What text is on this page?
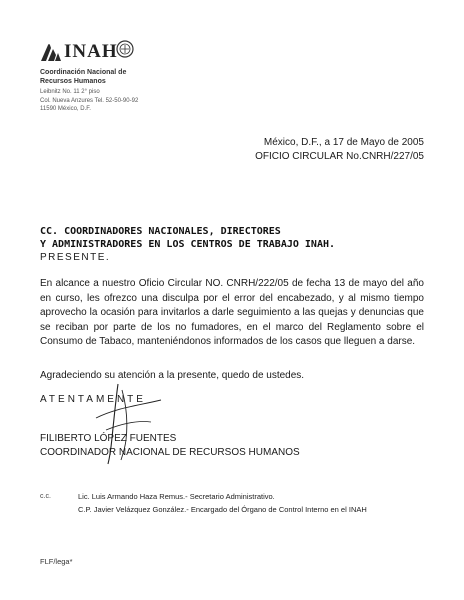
INAH
Coordinación Nacional de
Recursos Humanos
Leibnitz No. 11 2° piso
Col. Nueva Anzures Tel. 52-50-90-92
11590 México, D.F.
México, D.F., a 17 de Mayo de 2005
OFICIO CIRCULAR No.CNRH/227/05
CC. COORDINADORES NACIONALES, DIRECTORES
Y ADMINISTRADORES EN LOS CENTROS DE TRABAJO INAH.
PRESENTE.
En alcance a nuestro Oficio Circular NO. CNRH/222/05 de fecha 13 de mayo del año en curso, les ofrezco una disculpa por el error del encabezado, y al mismo tiempo aprovecho la ocasión para invitarlos a darle seguimiento a las quejas y denuncias que se reciban por parte de los no fumadores, en el marco del Reglamento sobre el Consumo de Tabaco, manteniéndonos informados de los casos que lleguen a darse.
Agradeciendo su atención a la presente, quedo de ustedes.
ATENTAMENTE
FILIBERTO LÓPEZ FUENTES
COORDINADOR NACIONAL DE RECURSOS HUMANOS
c.c.	Lic. Luis Armando Haza Remus.- Secretario Administrativo.
C.P. Javier Velázquez González.- Encargado del Órgano de Control Interno en el INAH
FLF/lega*
